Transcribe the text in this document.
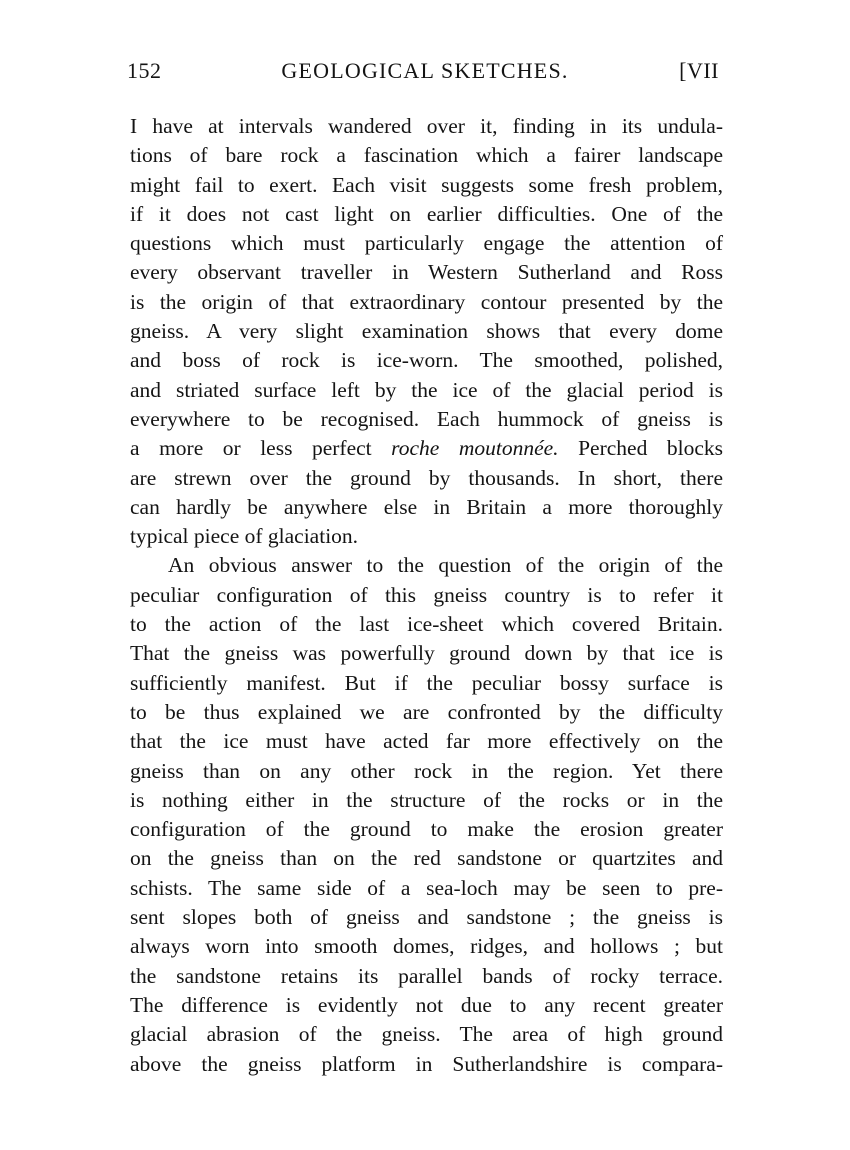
152	GEOLOGICAL SKETCHES.	[VII
I have at intervals wandered over it, finding in its undula-
tions of bare rock a fascination which a fairer landscape
might fail to exert. Each visit suggests some fresh problem,
if it does not cast light on earlier difficulties. One of the
questions which must particularly engage the attention of
every observant traveller in Western Sutherland and Ross
is the origin of that extraordinary contour presented by the
gneiss. A very slight examination shows that every dome
and boss of rock is ice-worn. The smoothed, polished,
and striated surface left by the ice of the glacial period is
everywhere to be recognised. Each hummock of gneiss is
a more or less perfect roche moutonnée. Perched blocks
are strewn over the ground by thousands. In short, there
can hardly be anywhere else in Britain a more thoroughly
typical piece of glaciation.
An obvious answer to the question of the origin of the
peculiar configuration of this gneiss country is to refer it
to the action of the last ice-sheet which covered Britain.
That the gneiss was powerfully ground down by that ice is
sufficiently manifest. But if the peculiar bossy surface is
to be thus explained we are confronted by the difficulty
that the ice must have acted far more effectively on the
gneiss than on any other rock in the region. Yet there
is nothing either in the structure of the rocks or in the
configuration of the ground to make the erosion greater
on the gneiss than on the red sandstone or quartzites and
schists. The same side of a sea-loch may be seen to pre-
sent slopes both of gneiss and sandstone ; the gneiss is
always worn into smooth domes, ridges, and hollows ; but
the sandstone retains its parallel bands of rocky terrace.
The difference is evidently not due to any recent greater
glacial abrasion of the gneiss. The area of high ground
above the gneiss platform in Sutherlandshire is compara-
